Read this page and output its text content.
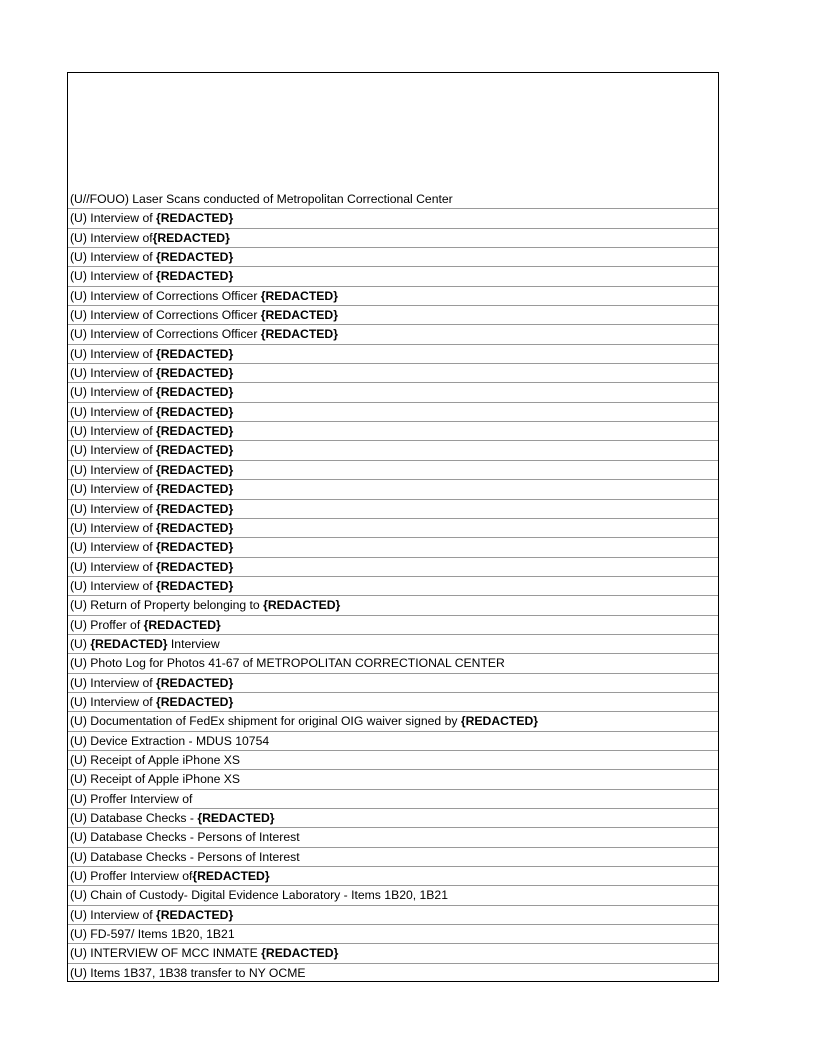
(U//FOUO) Laser Scans conducted of Metropolitan Correctional Center
(U) Interview of {REDACTED}
(U) Interview of{REDACTED}
(U) Interview of {REDACTED}
(U) Interview of {REDACTED}
(U) Interview of Corrections Officer {REDACTED}
(U) Interview of Corrections Officer {REDACTED}
(U) Interview of Corrections Officer {REDACTED}
(U) Interview of {REDACTED}
(U) Interview of {REDACTED}
(U) Interview of {REDACTED}
(U) Interview of {REDACTED}
(U) Interview of {REDACTED}
(U) Interview of {REDACTED}
(U) Interview of {REDACTED}
(U) Interview of {REDACTED}
(U) Interview of {REDACTED}
(U) Interview of {REDACTED}
(U) Interview of {REDACTED}
(U) Interview of {REDACTED}
(U) Interview of {REDACTED}
(U) Return of Property belonging to {REDACTED}
(U) Proffer of {REDACTED}
(U) {REDACTED} Interview
(U) Photo Log for Photos 41-67 of METROPOLITAN CORRECTIONAL CENTER
(U) Interview of {REDACTED}
(U) Interview of {REDACTED}
(U) Documentation of FedEx shipment for original OIG waiver signed by {REDACTED}
(U) Device Extraction - MDUS 10754
(U) Receipt of Apple iPhone XS
(U) Receipt of Apple iPhone XS
(U) Proffer Interview of
(U) Database Checks - {REDACTED}
(U) Database Checks - Persons of Interest
(U) Database Checks - Persons of Interest
(U) Proffer Interview of{REDACTED}
(U) Chain of Custody- Digital Evidence Laboratory - Items 1B20, 1B21
(U) Interview of {REDACTED}
(U) FD-597/ Items 1B20, 1B21
(U) INTERVIEW OF MCC INMATE {REDACTED}
(U) Items 1B37, 1B38 transfer to NY OCME
